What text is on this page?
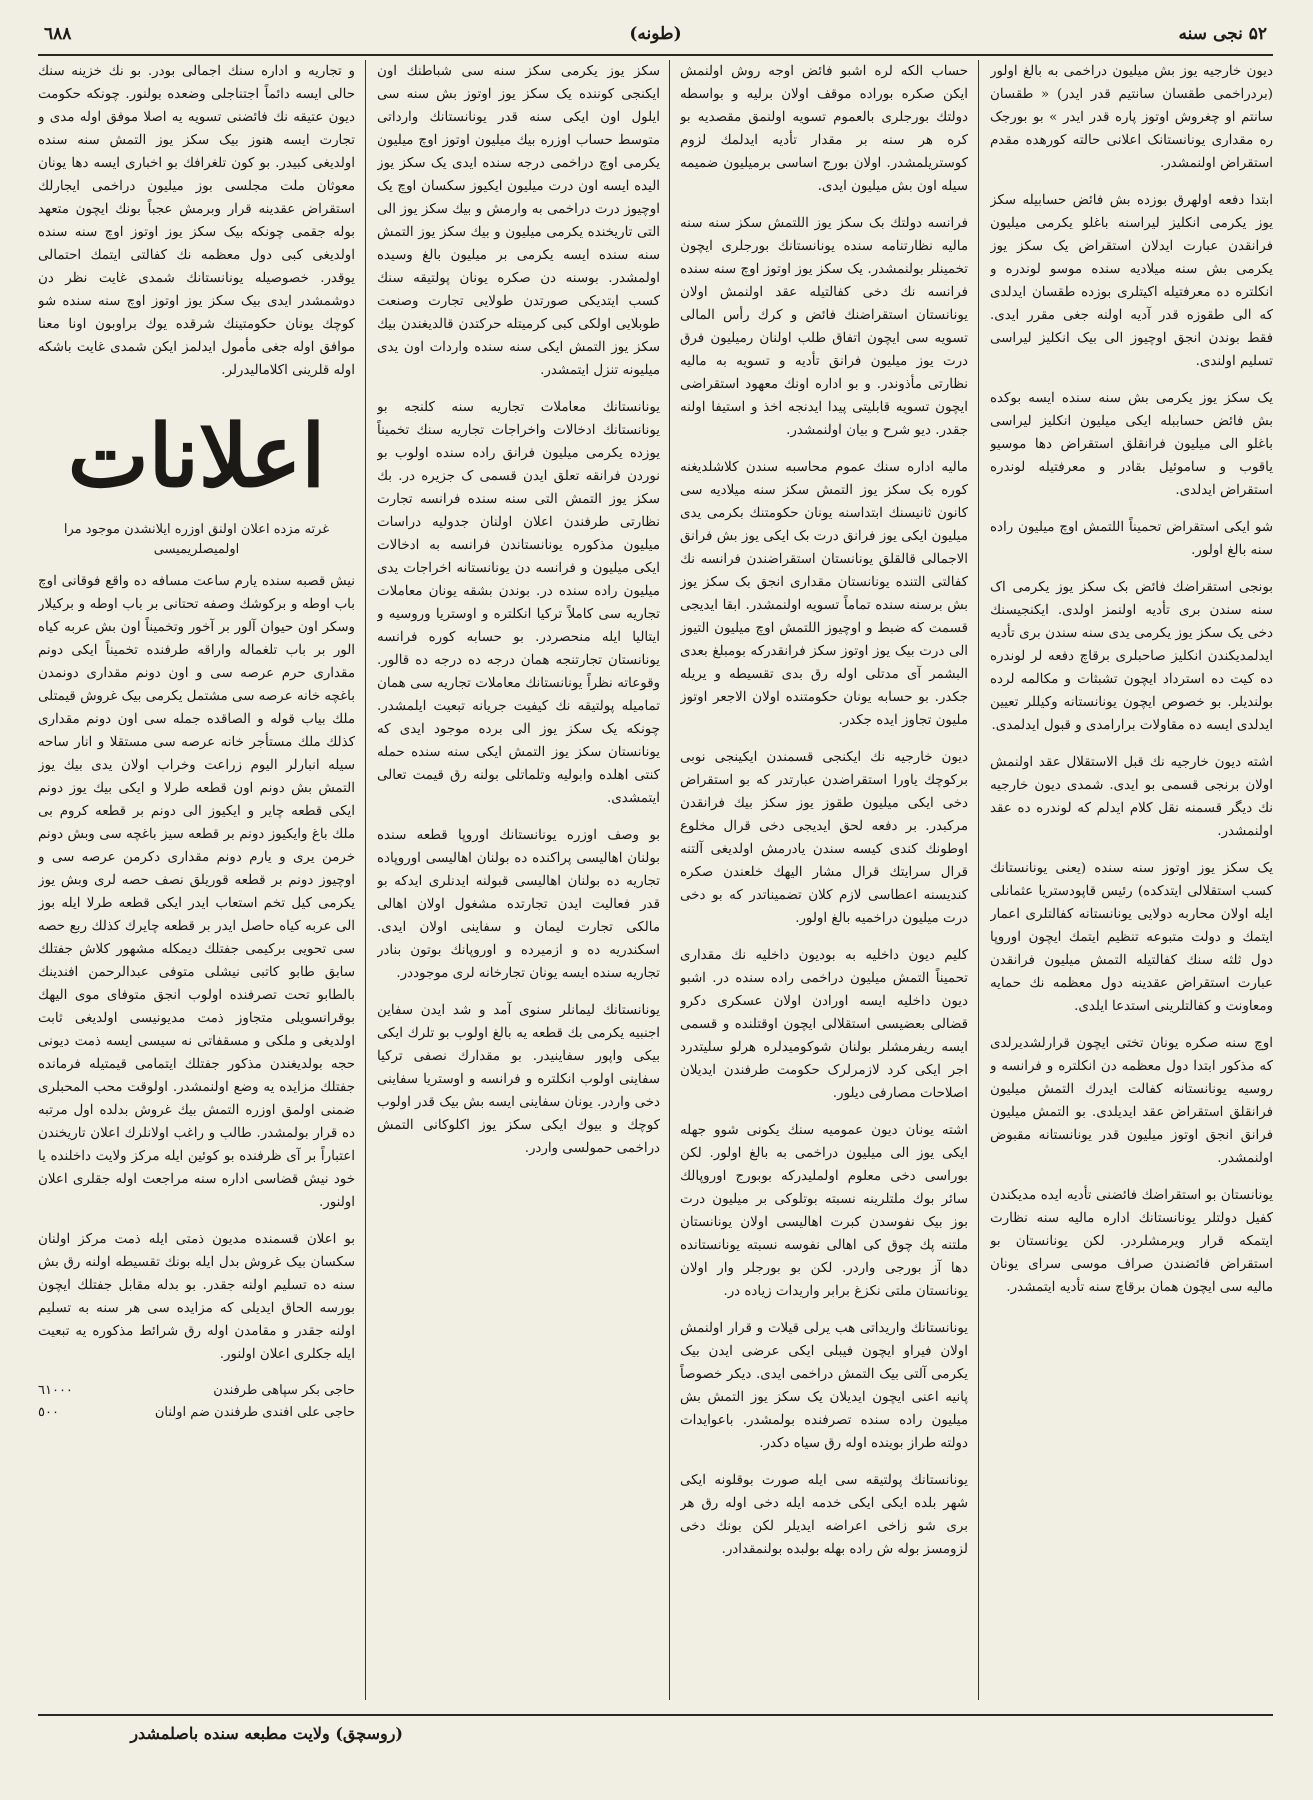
۵۲ نجی سنه
(طونه)
٦٨٨

دیون خارجیه یوز بش میلیون دراخمی به بالغ اولور (بردراخمی طقسان سانتیم قدر ایدر) « طقسان سانتم او چغروش اوتوز پاره قدر ایدر » بو بورجک ره مقداری یونانستانک اعلانی حالته کورهده مقدم استقراض اولنمشدر.

ابتدا دفعه اولهرق بوزده بش فائض حسابیله سکز یوز یکرمی انکلیز لیراسنه باغلو یکرمی میلیون فرانقدن عبارت ایدلان استقراض یک سکز یوز یکرمی بش سنه میلادیه سنده موسو لوندره و انکلتره ده معرفتیله اکیتلری بوزده طقسان ایدلدی که الی طقوزه قدر آدیه اولنه جغی مقرر ایدی. فقط بوندن انجق اوچیوز الی بیک انکلیز لیراسی تسلیم اولندی.

یک سکز یوز یکرمی بش سنه سنده ایسه بوکده بش فائض حساببله ایکی میلیون انکلیز لیراسی باغلو الی میلیون فرانقلق استقراض دها موسیو یاقوب و ساموئیل بقادر و معرفتیله لوندره استقراض ایدلدی.

شو ایکی استقراض تحمیناً اللتمش اوچ میلیون راده سنه بالغ اولور.

بونجی استقراضك فائض بک سکز یوز یکرمی اک سنه سندن بری تأدیه اولنمز اولدی. ایکنجیسنك دخی یک سکز یوز یکرمی یدی سنه سندن بری تأدیه ایدلمدیکندن انکلیز صاحبلری برقاچ دفعه لر لوندره ده کیت ده استرداد ایچون تشبثات و مکالمه لرده بولندیلر. بو خصوص ایچون یونانستانه وکیللر تعیین ایدلدی ایسه ده مقاولات برارامدی و قبول ایدلمدی.

اشته دیون خارجیه نك قبل الاستقلال عقد اولنمش اولان برنجی قسمی بو ایدی. شمدی دیون خارجیه نك دیگر قسمنه نقل کلام ایدلم که لوندره ده عقد اولنمشدر.

یک سکز یوز اوتوز سنه سنده (یعنی یونانستانك کسب استقلالی ایتدکده) رئیس قاپودستریا عثمانلی ایله اولان محاربه دولایی یونانستانه کفالتلری اعمار ایتمك و دولت متبوعه تنظیم ایتمك ایچون اوروپا دول ثلثه سنك کفالتیله التمش میلیون فرانقدن عبارت استقراض عقدینه دول معظمه نك حمایه ومعاونت و کفالتلرینی استدعا ایلدی.

اوچ سنه صکره یونان تختی ایچون قرارلشدیرلدی که مذکور ابتدا دول معظمه دن انکلتره و فرانسه و روسیه یونانستانه کفالت ایدرك التمش میلیون فرانقلق استقراض عقد ایدیلدی. بو التمش میلیون فرانق انجق اوتوز میلیون قدر یونانستانه مقبوض اولنمشدر.

یونانستان بو استقراضك فائضنی تأدیه ایده مدیکندن کفیل دولتلر یونانستانك اداره مالیه سنه نظارت ایتمکه قرار ویرمشلردر. لکن یونانستان بو استقراض فائضندن صراف موسی سرای یونان مالیه سی ایچون همان برقاچ سنه تأدیه ایتمشدر.

حساب الکه لره اشبو فائض اوجه روش اولنمش ایکن صکره بوراده موقف اولان برلیه و بواسطه دولتك بورجلری بالعموم تسویه اولنمق مقصدیه بو کره هر سنه بر مقدار تأدیه ایدلمك لزوم کوستریلمشدر. اولان بورج اساسی برمیلیون ضمیمه سیله اون بش میلیون ایدی.

فرانسه دولتك بک سکز یوز اللتمش سکز سنه سنه مالیه نظارتنامه سنده یونانستانك بورجلری ایچون تخمینلر بولنمشدر. یک سکز یوز اوتوز اوچ سنه سنده فرانسه نك دخی کفالتیله عقد اولنمش اولان یونانستان استقراضنك فائض و کرك رأس المالی تسویه سی ایچون اتفاق طلب اولنان رمیلیون فرق درت یوز میلیون فرانق تأدیه و تسویه به مالیه نظارتی مأذوندر. و بو اداره اونك معهود استقراضی ایچون تسویه قابلیتی پیدا ایدنجه اخذ و استیفا اولنه جقدر. دیو شرح و بیان اولنمشدر.

مالیه اداره سنك عموم محاسبه سندن کلاشلدیغنه کوره بک سکز یوز التمش سکز سنه میلادیه سی کانون ثانیسنك ابتداسنه یونان حکومتنك بکرمی یدی میلیون ایکی یوز فرانق درت بک ایکی یوز بش فرانق الاجمالی قالقلق یونانستان استقراضندن فرانسه نك کفالتی التنده یونانستان مقداری انجق بک سکز یوز بش برسنه سنده تماماً تسویه اولنمشدر. ابقا ایدیجی قسمت که ضبط و اوچیوز اللتمش اوچ میلیون التیوز الی درت بیک یوز اوتوز سکز فرانقدرکه بومبلغ بعدی البشمر آی مدتلی اوله رق بدی تقسیطه و یریله جکدر. بو حسابه یونان حکومتنده اولان الاجعر اوتوز ملیون تجاوز ایده جکدر.

دیون خارجیه نك ایکنجی قسمندن ایکینجی نوبی برکوچك یاورا استقراضدن عبارتدر که بو استقراض دخی ایکی میلیون طقوز یوز سکز بیك فرانقدن مرکبدر. بر دفعه لحق ایدیجی دخی قرال مخلوع اوطونك کندی کیسه سندن یادرمش اولدیغی آلتنه قرال سرایتك قرال مشار الیهك خلعندن صکره کندیسنه اعطاسی لازم کلان تضمیناتدر که بو دخی درت میلیون دراخمیه بالغ اولور.

کلیم دیون داخلیه به بودیون داخلیه نك مقداری تحمیناً التمش میلیون دراخمی راده سنده در. اشبو دیون داخلیه ایسه اورادن اولان عسکری دکرو قضالی بعضیسی استقلالی ایچون اوقتلنده و قسمی ایسه ریفرمشلر بولنان شوکومیدلره هرلو سلیتدرد اجر ایکی کرد لازمرلرک حکومت طرفندن ایدیلان اصلاحات مصارفی دیلور.

اشته یونان دیون عمومیه سنك یکونی شوو جهله ایکی یوز الی میلیون دراخمی به بالغ اولور. لکن بوراسی دخی معلوم اولملیدرکه بوبورج اوروپالك سائر بوك ملتلرینه نسبته بوتلوکی بر میلیون درت بوز بیک نفوسدن کبرت اهالیسی اولان یونانستان ملتنه پك چوق کی اهالی نفوسه نسبته یونانستانده دها آز بورجی واردر. لکن بو بورجلر وار اولان یونانستان ملتی نكزغ برابر واریدات زیاده در.

یونانستانك واریداتی هب یرلی قیلات و قرار اولنمش اولان فیراو ایچون فیبلی ایکی عرضی ایدن بیک یکرمی آلتی بیک التمش دراخمی ایدی. دیکر خصوصاً پانیه اعنی ایچون ایدیلان یک سکز یوز التمش بش میلیون راده سنده تصرفنده بولمشدر. باعوایدات دولته طراز بوینده اوله رق سیاه دکدر.

یونانستانك پولتیقه سی ایله صورت بوقلونه ایکی شهر بلده ایکی ایکی خدمه ایله دخی اوله رق هر بری شو زاخی اعراضه ایدیلر لکن بونك دخی لزومسز بوله ش راده بهله بولبده بولنمقدادر.

سکز یوز یکرمی سکز سنه سی شباطنك اون ایکنجی کوننده یک سکز یوز اوتوز بش سنه سی ایلول اون ایکی سنه قدر یونانستانك وارداتی متوسط حساب اوزره بیك میلیون اوتوز اوچ میلیون یکرمی اوچ دراخمی درجه سنده ایدی یک سکز یوز الیده ایسه اون درت میلیون ایکیوز سکسان اوچ یک اوچیوز درت دراخمی به وارمش و بیك سکز یوز الی التی تاریخنده یکرمی میلیون و بیك سکز یوز التمش سنه سنده ایسه یکرمی بر میلیون بالغ وسیده اولمشدر. بوسنه دن صکره یونان پولتیقه سنك کسب ایتدیکی صورتدن طولایی تجارت وصنعت طوبلایی اولکی کبی کرمیتله حرکتدن قالدیغندن بیك سکز یوز التمش ایکی سنه سنده واردات اون یدی میلیونه تنزل ایتمشدر.

یونانستانك معاملات تجاریه سنه کلنجه بو یونانستانك ادخالات واخراجات تجاریه سنك تخمیناً یوزده یکرمی میلیون فرانق راده سنده اولوب بو نوردن فرانقه تعلق ایدن قسمی ک جزیره در. بك سکز یوز التمش التی سنه سنده فرانسه تجارت نظارتی طرفندن اعلان اولنان جدولیه دراسات میلیون مذکوره یونانستاندن فرانسه به ادخالات ایکی میلیون و فرانسه دن یونانستانه اخراجات یدی میلیون راده سنده در. بوندن بشقه یونان معاملات تجاریه سی کاملاً ترکیا انکلتره و اوستریا وروسیه و ایتالیا ایله منحصردر. بو حسابه کوره فرانسه یونانستان تجارتنجه همان درجه ده درجه ده قالور. وقوعاته نظراً یونانستانك معاملات تجاریه سی همان تمامیله پولتیقه نك کیفیت جریانه تبعیت ایلمشدر. چونکه یک سکز یوز الی برده موجود ایدی که یونانستان سکز یوز التمش ایکی سنه سنده حمله کنتی اهلده وابولیه وتلماتلی بولنه رق قیمت تعالی ایتمشدی.

بو وصف اوزره یونانستانك اوروپا قطعه سنده بولنان اهالیسی پراکنده ده بولنان اهالیسی اوروپاده تجاریه ده بولنان اهالیسی قبولنه ایدنلری ایدکه بو قدر فعالیت ایدن تجارتده مشغول اولان اهالی مالکی تجارت لیمان و سفاینی اولان ایدی. اسکندریه ده و ازمیرده و اوروپانك بوتون بنادر تجاریه سنده ایسه یونان تجارخانه لری موجوددر.

یونانستانك لیمانلر سنوی آمد و شد ایدن سفاین اجنبیه یکرمی بك قطعه یه بالغ اولوب بو تلرك ایکی بیکی واپور سفاینیدر. بو مقدارك نصفی ترکیا سفاینی اولوب انکلتره و فرانسه و اوستریا سفاینی دخی واردر. یونان سفاینی ایسه بش بیک قدر اولوب کوچك و بیوك ایکی سکز یوز اکلوکانی التمش دراخمی حمولسی واردر.

و تجاریه و اداره سنك اجمالی بودر. بو نك خزینه سنك حالی ایسه دائماً اجتناجلی وضعده بولنور. چونکه حکومت دیون عتیقه نك فائضنی تسویه یه اصلا موفق اوله مدی و تجارت ایسه هنوز بیک سکز یوز التمش سنه سنده اولدیغی کبیدر. بو کون تلغرافك بو اخباری ایسه دها یونان معوثان ملت مجلسی بوز میلیون دراخمی ایجارلك استقراض عقدینه قرار وبرمش عجباً بونك ایچون متعهد بوله جقمی چونکه بیک سکز یوز اوتوز اوچ سنه سنده اولدیغی کبی دول معظمه نك کفالتی ایتمك احتمالی یوقدر. خصوصیله یونانستانك شمدی غایت نظر دن دوشمشدر ایدی بیک سکز یوز اوتوز اوچ سنه سنده شو کوچك یونان حکومتینك شرقده یوك براوبون اونا معنا موافق اوله جغی مأمول ایدلمز ایکن شمدی غایت باشكه اوله قلرینی اکلامالیدرلر.

اعلانات
غرته مزده اعلان اولنق اوزره ایلانشدن موجود مرا اولمیصلریمیسی

نیش قصبه سنده یارم ساعت مسافه ده واقع فوقانی اوچ باب اوطه و برکوشك وصفه تحتانی بر باب اوطه و برکیلار وسکر اون حیوان آلور بر آخور وتخمیناً اون بش عربه کیاه الور بر باب تلغماله واراقه طرفنده تخمیناً ایکی دونم مقداری حرم عرصه سی و اون دونم مقداری دونمدن باغچه خانه عرصه سی مشتمل یکرمی بیک غروش قیمتلی ملك بیاب قوله و الصاقده جمله سی اون دونم مقداری کذلك ملك مستأجر خانه عرصه سی مستقلا و انار ساحه سیله انبارلر الیوم زراعت وخراب اولان یدی بیك یوز التمش بش دونم اون قطعه طرلا و ایکی بیك یوز دونم ایکی قطعه چایر و ایکیوز الی دونم بر قطعه کروم بی ملك باغ وایکیوز دونم بر قطعه سیز باغچه سی وبش دونم خرمن یری و یارم دونم مقداری دکرمن عرصه سی و اوچیوز دونم بر قطعه قوریلق نصف حصه لری وبش یوز یکرمی کیل تخم استعاب ایدر ایکی قطعه طرلا ایله بوز الی عربه کیاه حاصل ایدر بر قطعه چایرك کذلك ربع حصه سی تحویی برکیمی جفتلك دیمکله مشهور کلاش جفتلك سابق طابو کاتبی نیشلی متوفی عبدالرحمن افندینك بالطابو تحت تصرفنده اولوب انجق متوفای موی الیهك بوقرانسویلی متجاوز ذمت مدیونیسی اولدیغی ثابت اولدیغی و ملکی و مسقفاتی نه سیسی ایسه ذمت دیونی حجه بولدیغندن مذکور جفتلك ایتمامی قیمتیله فرمانده جفتلك مزایده یه وضع اولنمشدر. اولوقت محب المحبلری ضمنی اولمق اوزره التمش بیك غروش بدلده اول مرتبه ده قرار بولمشدر. طالب و راغب اولانلرك اعلان تاریخندن اعتباراً بر آی ظرفنده بو کوئین ایله مرکز ولایت داخلنده یا خود نیش قضاسی اداره سنه مراجعت اوله جقلری اعلان اولنور.

بو اعلان قسمنده مدیون ذمتی ایله ذمت مرکز اولنان سکسان بیک غروش بدل ایله بونك تقسیطه اولنه رق بش سنه ده تسلیم اولنه جقدر. بو بدله مقابل جفتلك ایچون بورسه الحاق ایدیلی که مزایده سی هر سنه به تسلیم اولنه جقدر و مقامدن اوله رق شرائط مذکوره یه تبعیت ایله جکلری اعلان اولنور.

حاجی بکر سپاهی طرفندن
٦١٠٠٠
حاجی علی افندی طرفندن ضم اولنان
٥٠٠
(روسچق) ولایت مطبعه سنده باصلمشدر
